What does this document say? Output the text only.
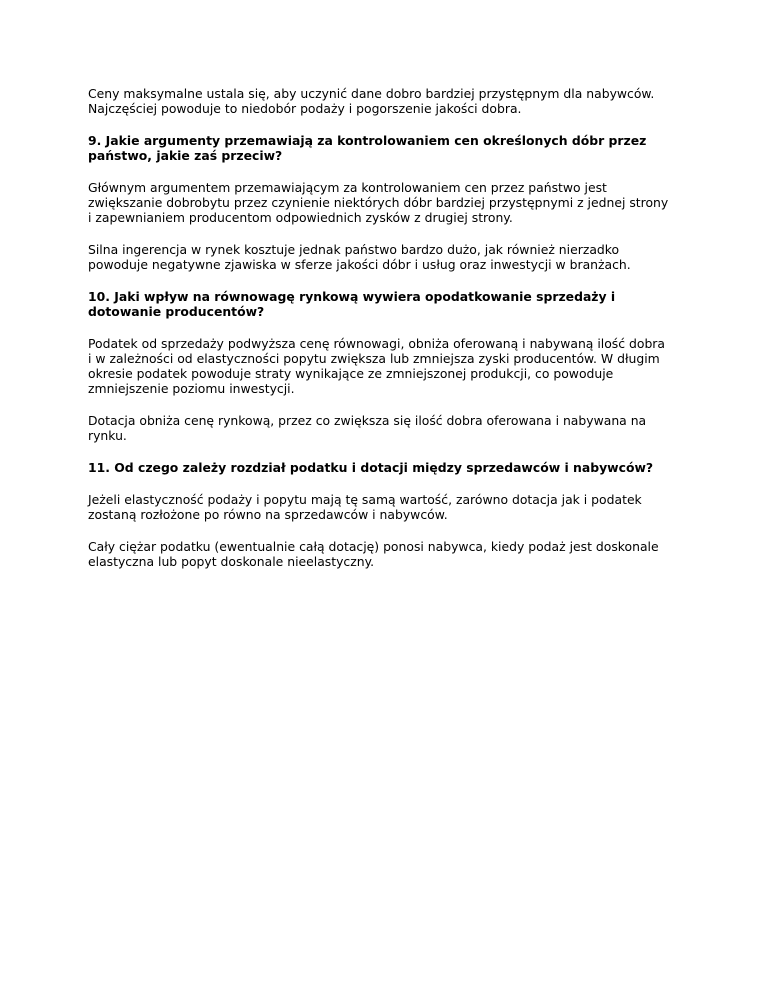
Ceny maksymalne ustala się, aby uczynić dane dobro bardziej przystępnym dla nabywców.
Najczęściej powoduje to niedobór podaży i pogorszenie jakości dobra.

9. Jakie argumenty przemawiają za kontrolowaniem cen określonych dóbr przez
państwo, jakie zaś przeciw?

Głównym argumentem przemawiającym za kontrolowaniem cen przez państwo jest
zwiększanie dobrobytu przez czynienie niektórych dóbr bardziej przystępnymi z jednej strony
i zapewnianiem producentom odpowiednich zysków z drugiej strony.

Silna ingerencja w rynek kosztuje jednak państwo bardzo dużo, jak również nierzadko
powoduje negatywne zjawiska w sferze jakości dóbr i usług oraz inwestycji w branżach.

10. Jaki wpływ na równowagę rynkową wywiera opodatkowanie sprzedaży i
dotowanie producentów?

Podatek od sprzedaży podwyższa cenę równowagi, obniża oferowaną i nabywaną ilość dobra
i w zależności od elastyczności popytu zwiększa lub zmniejsza zyski producentów. W długim
okresie podatek powoduje straty wynikające ze zmniejszonej produkcji, co powoduje
zmniejszenie poziomu inwestycji.

Dotacja obniża cenę rynkową, przez co zwiększa się ilość dobra oferowana i nabywana na
rynku.

11. Od czego zależy rozdział podatku i dotacji między sprzedawców i nabywców?

Jeżeli elastyczność podaży i popytu mają tę samą wartość, zarówno dotacja jak i podatek
zostaną rozłożone po równo na sprzedawców i nabywców.

Cały ciężar podatku (ewentualnie całą dotację) ponosi nabywca, kiedy podaż jest doskonale
elastyczna lub popyt doskonale nieelastyczny.
